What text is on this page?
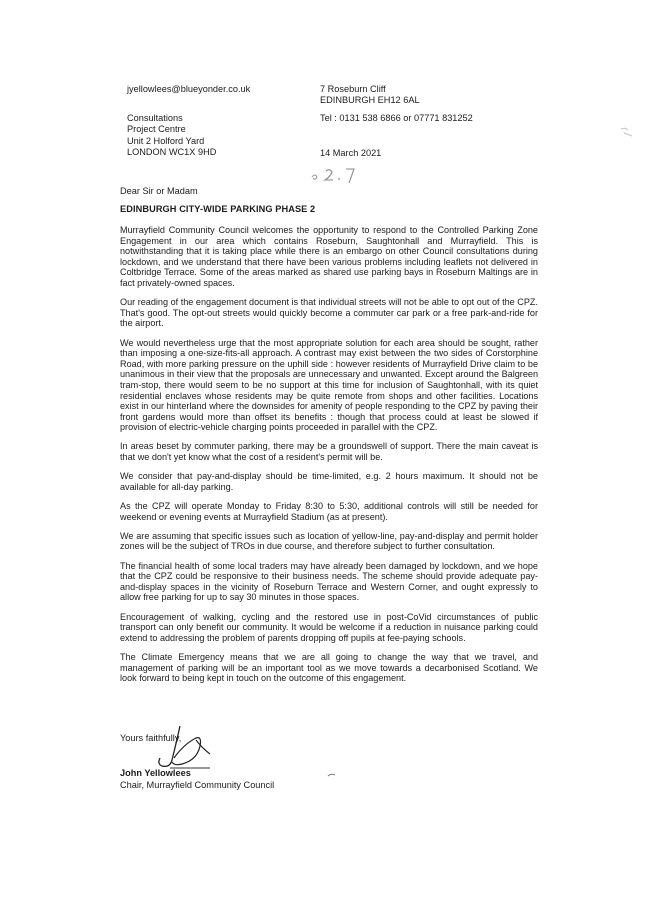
jyellowlees@blueyonder.co.uk	7 Roseburn Cliff
EDINBURGH EH12 6AL
Consultations
Project Centre
Unit 2 Holford Yard
LONDON WC1X 9HD
Tel : 0131 538 6866 or 07771 831252
14 March 2021
Dear Sir or Madam
EDINBURGH CITY-WIDE PARKING PHASE 2

Murrayfield Community Council welcomes the opportunity to respond to the Controlled Parking Zone Engagement in our area which contains Roseburn, Saughtonhall and Murrayfield. This is notwithstanding that it is taking place while there is an embargo on other Council consultations during lockdown, and we understand that there have been various problems including leaflets not delivered in Coltbridge Terrace. Some of the areas marked as shared use parking bays in Roseburn Maltings are in fact privately-owned spaces.

Our reading of the engagement document is that individual streets will not be able to opt out of the CPZ. That's good. The opt-out streets would quickly become a commuter car park or a free park-and-ride for the airport.

We would nevertheless urge that the most appropriate solution for each area should be sought, rather than imposing a one-size-fits-all approach. A contrast may exist between the two sides of Corstorphine Road, with more parking pressure on the uphill side : however residents of Murrayfield Drive claim to be unanimous in their view that the proposals are unnecessary and unwanted. Except around the Balgreen tram-stop, there would seem to be no support at this time for inclusion of Saughtonhall, with its quiet residential enclaves whose residents may be quite remote from shops and other facilities. Locations exist in our hinterland where the downsides for amenity of people responding to the CPZ by paving their front gardens would more than offset its benefits : though that process could at least be slowed if provision of electric-vehicle charging points proceeded in parallel with the CPZ.

In areas beset by commuter parking, there may be a groundswell of support. There the main caveat is that we don't yet know what the cost of a resident's permit will be.

We consider that pay-and-display should be time-limited, e.g. 2 hours maximum. It should not be available for all-day parking.

As the CPZ will operate Monday to Friday 8:30 to 5:30, additional controls will still be needed for weekend or evening events at Murrayfield Stadium (as at present).

We are assuming that specific issues such as location of yellow-line, pay-and-display and permit holder zones will be the subject of TROs in due course, and therefore subject to further consultation.

The financial health of some local traders may have already been damaged by lockdown, and we hope that the CPZ could be responsive to their business needs. The scheme should provide adequate pay-and-display spaces in the vicinity of Roseburn Terrace and Western Corner, and ought expressly to allow free parking for up to say 30 minutes in those spaces.

Encouragement of walking, cycling and the restored use in post-CoVid circumstances of public transport can only benefit our community. It would be welcome if a reduction in nuisance parking could extend to addressing the problem of parents dropping off pupils at fee-paying schools.

The Climate Emergency means that we are all going to change the way that we travel, and management of parking will be an important tool as we move towards a decarbonised Scotland. We look forward to being kept in touch on the outcome of this engagement.

Yours faithfully,
John Yellowlees
Chair, Murrayfield Community Council
